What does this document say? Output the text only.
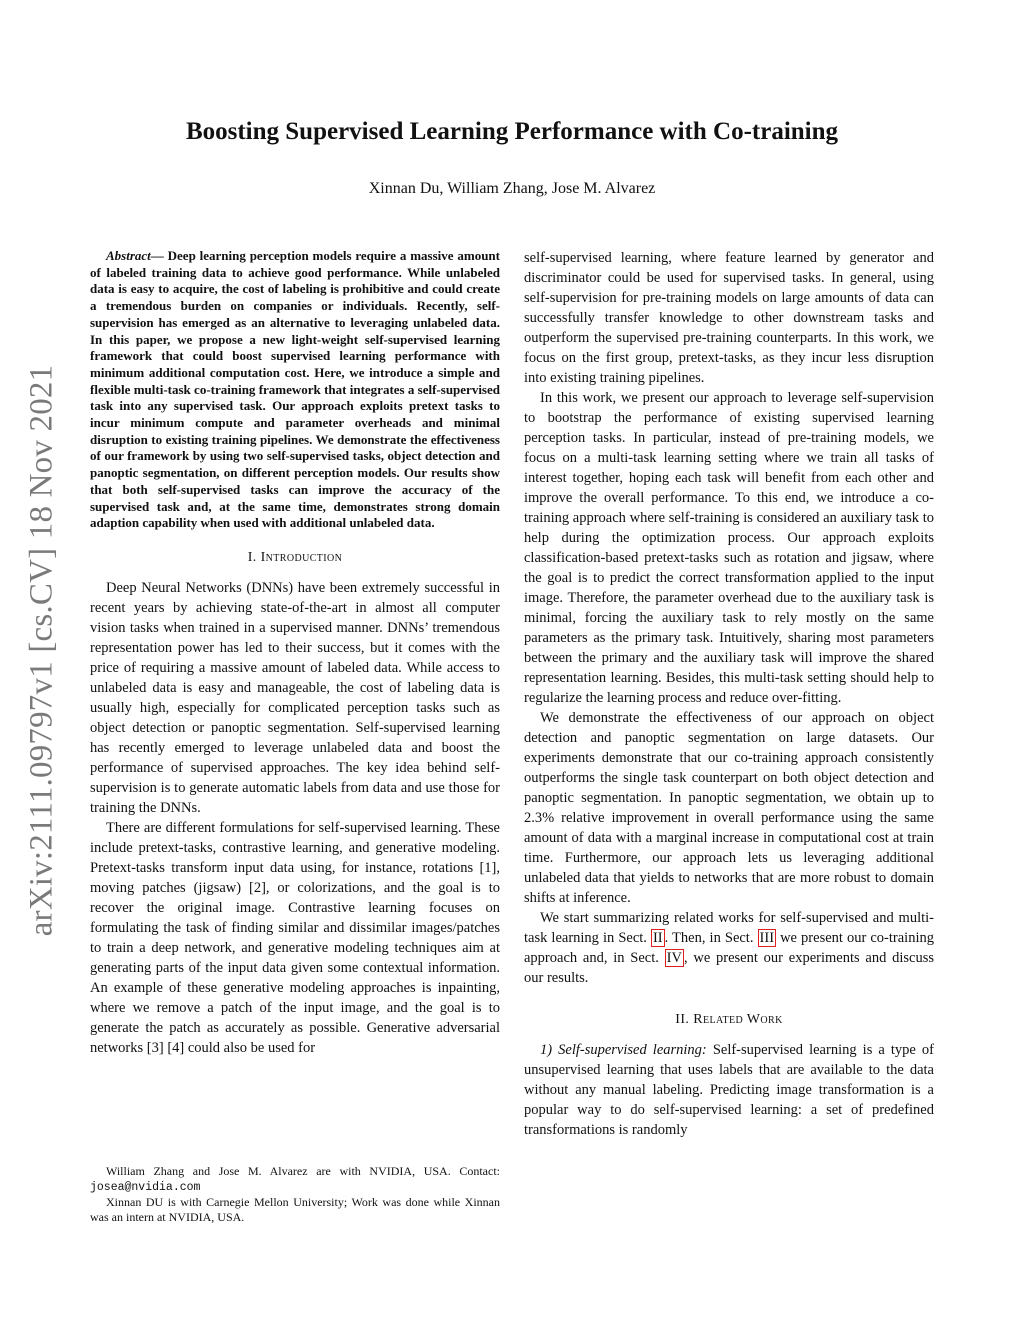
arXiv:2111.09797v1 [cs.CV] 18 Nov 2021
Boosting Supervised Learning Performance with Co-training
Xinnan Du, William Zhang, Jose M. Alvarez

Abstract— Deep learning perception models require a massive amount of labeled training data to achieve good performance. While unlabeled data is easy to acquire, the cost of labeling is prohibitive and could create a tremendous burden on companies or individuals. Recently, self-supervision has emerged as an alternative to leveraging unlabeled data. In this paper, we propose a new light-weight self-supervised learning framework that could boost supervised learning performance with minimum additional computation cost. Here, we introduce a simple and flexible multi-task co-training framework that integrates a self-supervised task into any supervised task. Our approach exploits pretext tasks to incur minimum compute and parameter overheads and minimal disruption to existing training pipelines. We demonstrate the effectiveness of our framework by using two self-supervised tasks, object detection and panoptic segmentation, on different perception models. Our results show that both self-supervised tasks can improve the accuracy of the supervised task and, at the same time, demonstrates strong domain adaption capability when used with additional unlabeled data.

I. Introduction

Deep Neural Networks (DNNs) have been extremely successful in recent years by achieving state-of-the-art in almost all computer vision tasks when trained in a supervised manner. DNNs’ tremendous representation power has led to their success, but it comes with the price of requiring a massive amount of labeled data. While access to unlabeled data is easy and manageable, the cost of labeling data is usually high, especially for complicated perception tasks such as object detection or panoptic segmentation. Self-supervised learning has recently emerged to leverage unlabeled data and boost the performance of supervised approaches. The key idea behind self-supervision is to generate automatic labels from data and use those for training the DNNs.

There are different formulations for self-supervised learning. These include pretext-tasks, contrastive learning, and generative modeling. Pretext-tasks transform input data using, for instance, rotations [1], moving patches (jigsaw) [2], or colorizations, and the goal is to recover the original image. Contrastive learning focuses on formulating the task of finding similar and dissimilar images/patches to train a deep network, and generative modeling techniques aim at generating parts of the input data given some contextual information. An example of these generative modeling approaches is inpainting, where we remove a patch of the input image, and the goal is to generate the patch as accurately as possible. Generative adversarial networks [3] [4] could also be used for

self-supervised learning, where feature learned by generator and discriminator could be used for supervised tasks. In general, using self-supervision for pre-training models on large amounts of data can successfully transfer knowledge to other downstream tasks and outperform the supervised pre-training counterparts. In this work, we focus on the first group, pretext-tasks, as they incur less disruption into existing training pipelines.

In this work, we present our approach to leverage self-supervision to bootstrap the performance of existing supervised learning perception tasks. In particular, instead of pre-training models, we focus on a multi-task learning setting where we train all tasks of interest together, hoping each task will benefit from each other and improve the overall performance. To this end, we introduce a co-training approach where self-training is considered an auxiliary task to help during the optimization process. Our approach exploits classification-based pretext-tasks such as rotation and jigsaw, where the goal is to predict the correct transformation applied to the input image. Therefore, the parameter overhead due to the auxiliary task is minimal, forcing the auxiliary task to rely mostly on the same parameters as the primary task. Intuitively, sharing most parameters between the primary and the auxiliary task will improve the shared representation learning. Besides, this multi-task setting should help to regularize the learning process and reduce over-fitting.

We demonstrate the effectiveness of our approach on object detection and panoptic segmentation on large datasets. Our experiments demonstrate that our co-training approach consistently outperforms the single task counterpart on both object detection and panoptic segmentation. In panoptic segmentation, we obtain up to 2.3% relative improvement in overall performance using the same amount of data with a marginal increase in computational cost at train time. Furthermore, our approach lets us leveraging additional unlabeled data that yields to networks that are more robust to domain shifts at inference.

We start summarizing related works for self-supervised and multi-task learning in Sect. II . Then, in Sect. III we present our co-training approach and, in Sect. IV , we present our experiments and discuss our results.

II. Related Work

1) Self-supervised learning: Self-supervised learning is a type of unsupervised learning that uses labels that are available to the data without any manual labeling. Predicting image transformation is a popular way to do self-supervised learning: a set of predefined transformations is randomly

William Zhang and Jose M. Alvarez are with NVIDIA, USA. Contact: josea@nvidia.com

Xinnan DU is with Carnegie Mellon University; Work was done while Xinnan was an intern at NVIDIA, USA.
